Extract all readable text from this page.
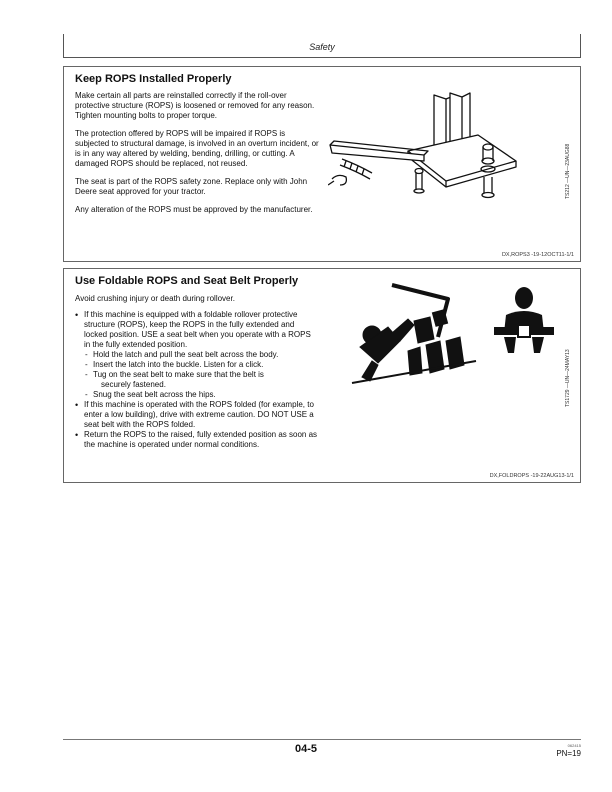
Safety
Keep ROPS Installed Properly

Make certain all parts are reinstalled correctly if the roll-over protective structure (ROPS) is loosened or removed for any reason. Tighten mounting bolts to proper torque.

The protection offered by ROPS will be impaired if ROPS is subjected to structural damage, is involved in an overturn incident, or is in any way altered by welding, bending, drilling, or cutting. A damaged ROPS should be replaced, not reused.

The seat is part of the ROPS safety zone. Replace only with John Deere seat approved for your tractor.

Any alteration of the ROPS must be approved by the manufacturer.

TS212 —UN—23AUG88
DX,ROPS3 -19-12OCT11-1/1
Use Foldable ROPS and Seat Belt Properly

Avoid crushing injury or death during rollover.

• If this machine is equipped with a foldable rollover protective structure (ROPS), keep the ROPS in the fully extended and locked position. USE a seat belt when you operate with a ROPS in the fully extended position.
- Hold the latch and pull the seat belt across the body.
- Insert the latch into the buckle. Listen for a click.
- Tug on the seat belt to make sure that the belt is
securely fastened.
- Snug the seat belt across the hips.
• If this machine is operated with the ROPS folded (for example, to enter a low building), drive with extreme caution. DO NOT USE a seat belt with the ROPS folded.
• Return the ROPS to the raised, fully extended position as soon as the machine is operated under normal conditions.
TS1729 —UN—24MAY13
DX,FOLDROPS -19-22AUG13-1/1
04-5	062415
PN=19
